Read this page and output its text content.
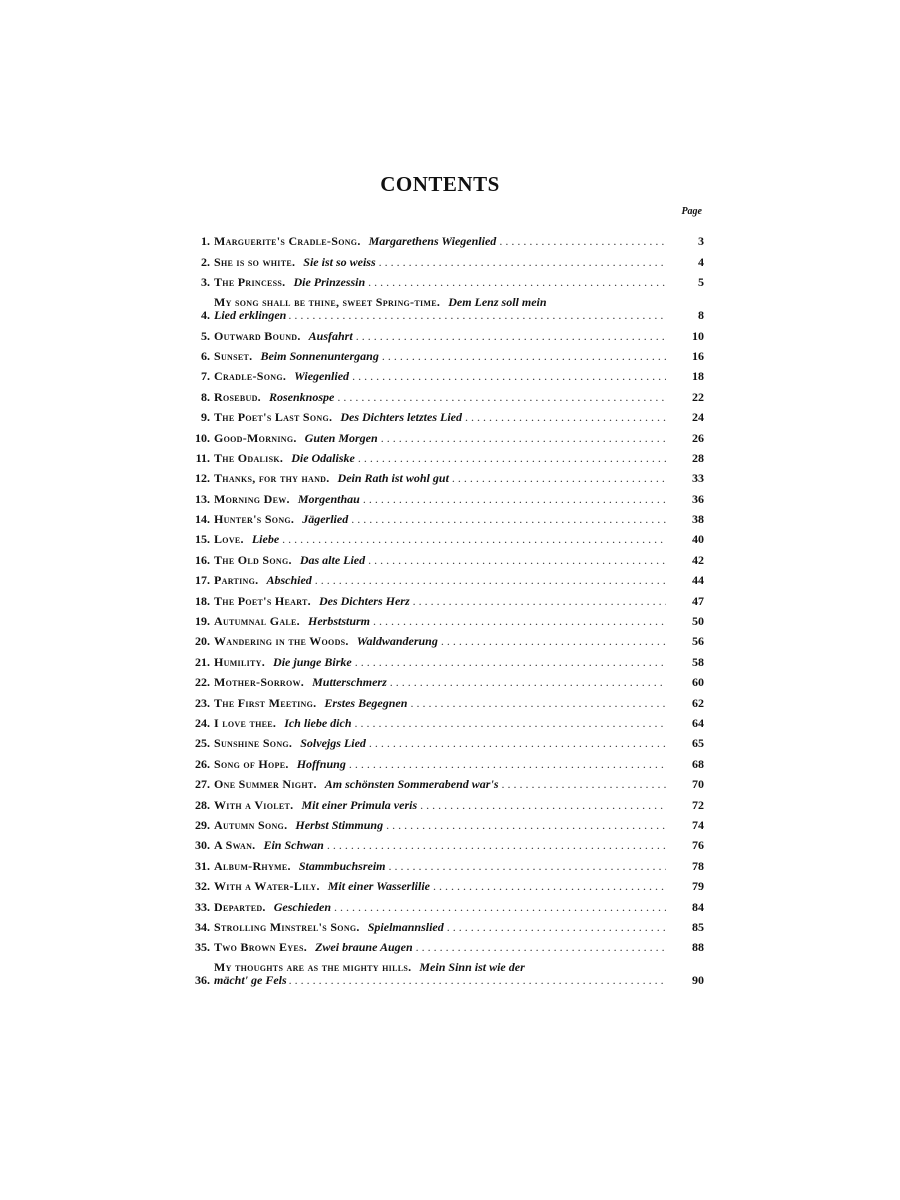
CONTENTS
Page
1. Marguerite's Cradle-Song. Margarethens Wiegenlied .....	3
2. She is so white. Sie ist so weiss .....	4
3. The Princess. Die Prinzessin .....	5
4.
My song shall be thine, sweet Spring-time. Dem Lenz soll mein
Lied erklingen .....	8
5. Outward Bound. Ausfahrt .....	10
6. Sunset. Beim Sonnenuntergang .....	16
7. Cradle-Song. Wiegenlied .....	18
8. Rosebud. Rosenknospe .....	22
9. The Poet's Last Song. Des Dichters letztes Lied .....	24
10. Good-Morning. Guten Morgen .....	26
11. The Odalisk. Die Odaliske .....	28
12. Thanks, for thy hand. Dein Rath ist wohl gut .....	33
13. Morning Dew. Morgenthau .....	36
14. Hunter's Song. Jägerlied .....	38
15. Love. Liebe .....	40
16. The Old Song. Das alte Lied .....	42
17. Parting. Abschied .....	44
18. The Poet's Heart. Des Dichters Herz .....	47
19. Autumnal Gale. Herbststurm .....	50
20. Wandering in the Woods. Waldwanderung .....	56
21. Humility. Die junge Birke .....	58
22. Mother-Sorrow. Mutterschmerz .....	60
23. The First Meeting. Erstes Begegnen .....	62
24. I love thee. Ich liebe dich .....	64
25. Sunshine Song. Solvejgs Lied .....	65
26. Song of Hope. Hoffnung .....	68
27. One Summer Night. Am schönsten Sommerabend war's .....	70
28. With a Violet. Mit einer Primula veris .....	72
29. Autumn Song. Herbst Stimmung .....	74
30. A Swan. Ein Schwan .....	76
31. Album-Rhyme. Stammbuchsreim .....	78
32. With a Water-Lily. Mit einer Wasserlilie .....	79
33. Departed. Geschieden .....	84
34. Strolling Minstrel's Song. Spielmannslied .....	85
35. Two Brown Eyes. Zwei braune Augen .....	88
36.
My thoughts are as the mighty hills. Mein Sinn ist wie der
mächt' ge Fels .....	90
